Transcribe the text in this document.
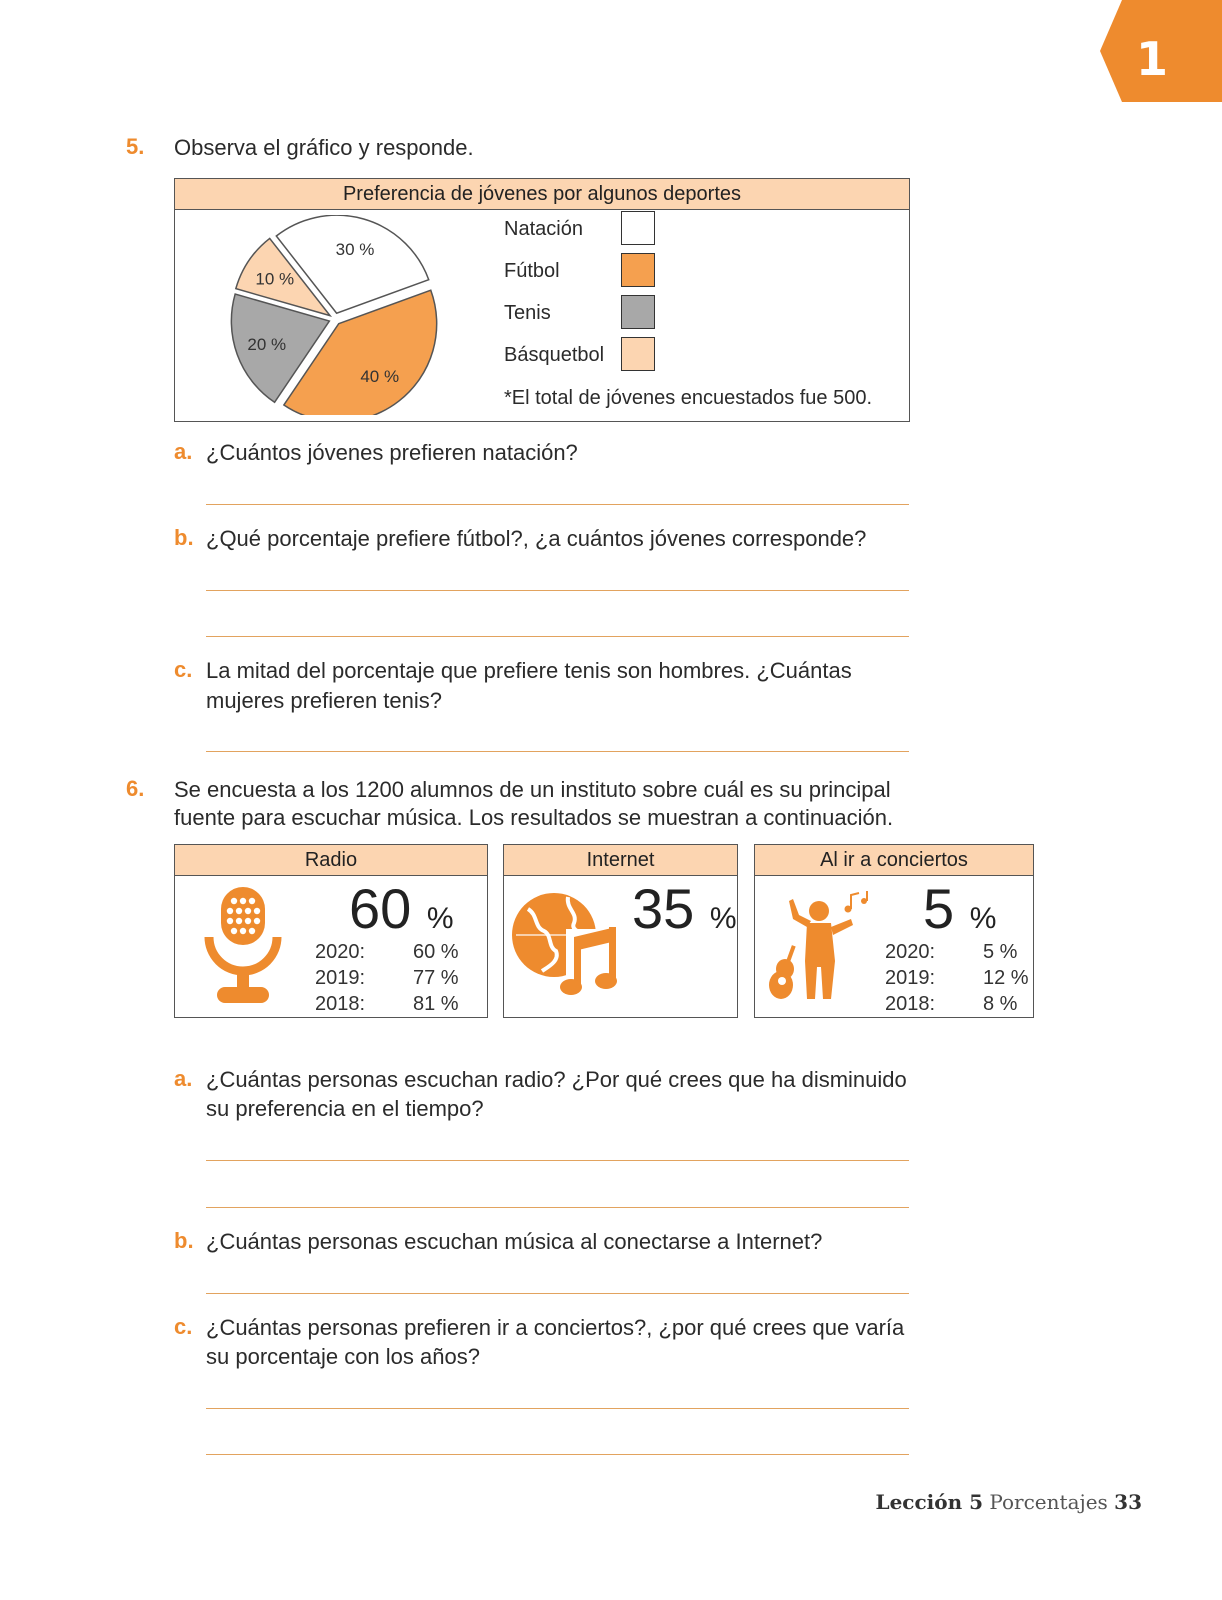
1
5. Observa el gráfico y responde.
Preferencia de jóvenes por algunos deportes
30 %
40 %
20 %
10 %
Natación
Fútbol
Tenis
Básquetbol
*El total de jóvenes encuestados fue 500.
a. ¿Cuántos jóvenes prefieren natación?
b. ¿Qué porcentaje prefiere fútbol?, ¿a cuántos jóvenes corresponde?
c. La mitad del porcentaje que prefiere tenis son hombres. ¿Cuántas
mujeres prefieren tenis?
6. Se encuesta a los 1200 alumnos de un instituto sobre cuál es su principal
fuente para escuchar música. Los resultados se muestran a continuación.
Radio
60 %
2020: 60 %
2019: 77 %
2018: 81 %
Internet
35 %
Al ir a conciertos
5 %
2020: 5 %
2019: 12 %
2018: 8 %
a. ¿Cuántas personas escuchan radio? ¿Por qué crees que ha disminuido
su preferencia en el tiempo?
b. ¿Cuántas personas escuchan música al conectarse a Internet?
c. ¿Cuántas personas prefieren ir a conciertos?, ¿por qué crees que varía
su porcentaje con los años?
Lección 5 Porcentajes 33
